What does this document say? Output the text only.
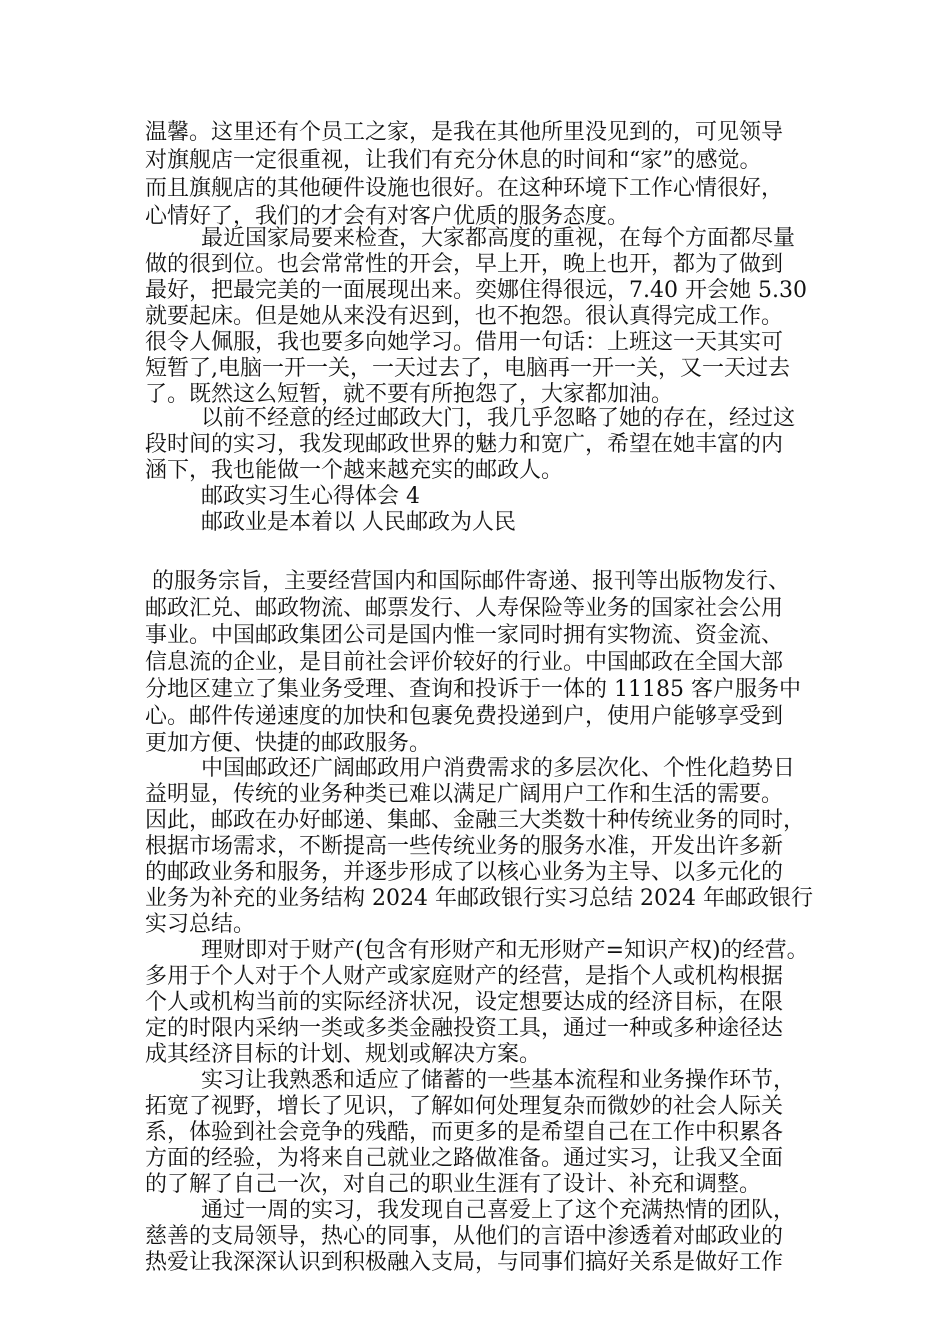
温馨。这里还有个员工之家，是我在其他所里没见到的，可见领导
对旗舰店一定很重视，让我们有充分休息的时间和“家”的感觉。
而且旗舰店的其他硬件设施也很好。在这种环境下工作心情很好，
心情好了，我们的才会有对客户优质的服务态度。
最近国家局要来检查，大家都高度的重视，在每个方面都尽量
做的很到位。也会常常性的开会，早上开，晚上也开，都为了做到
最好，把最完美的一面展现出来。奕娜住得很远，7.40 开会她 5.30
就要起床。但是她从来没有迟到，也不抱怨。很认真得完成工作。
很令人佩服，我也要多向她学习。借用一句话：上班这一天其实可
短暂了,电脑一开一关，一天过去了，电脑再一开一关，又一天过去
了。既然这么短暂，就不要有所抱怨了，大家都加油。
以前不经意的经过邮政大门，我几乎忽略了她的存在，经过这
段时间的实习，我发现邮政世界的魅力和宽广，希望在她丰富的内
涵下，我也能做一个越来越充实的邮政人。
邮政实习生心得体会 4
邮政业是本着以 人民邮政为人民
的服务宗旨，主要经营国内和国际邮件寄递、报刊等出版物发行、
邮政汇兑、邮政物流、邮票发行、人寿保险等业务的国家社会公用
事业。中国邮政集团公司是国内惟一家同时拥有实物流、资金流、
信息流的企业，是目前社会评价较好的行业。中国邮政在全国大部
分地区建立了集业务受理、查询和投诉于一体的 11185 客户服务中
心。邮件传递速度的加快和包裹免费投递到户，使用户能够享受到
更加方便、快捷的邮政服务。
中国邮政还广阔邮政用户消费需求的多层次化、个性化趋势日
益明显，传统的业务种类已难以满足广阔用户工作和生活的需要。
因此，邮政在办好邮递、集邮、金融三大类数十种传统业务的同时，
根据市场需求，不断提高一些传统业务的服务水准，开发出许多新
的邮政业务和服务，并逐步形成了以核心业务为主导、以多元化的
业务为补充的业务结构 2024 年邮政银行实习总结 2024 年邮政银行
实习总结。
理财即对于财产(包含有形财产和无形财产=知识产权)的经营。
多用于个人对于个人财产或家庭财产的经营，是指个人或机构根据
个人或机构当前的实际经济状况，设定想要达成的经济目标，在限
定的时限内采纳一类或多类金融投资工具，通过一种或多种途径达
成其经济目标的计划、规划或解决方案。
实习让我熟悉和适应了储蓄的一些基本流程和业务操作环节，
拓宽了视野，增长了见识，了解如何处理复杂而微妙的社会人际关
系，体验到社会竞争的残酷，而更多的是希望自己在工作中积累各
方面的经验，为将来自己就业之路做准备。通过实习，让我又全面
的了解了自己一次，对自己的职业生涯有了设计、补充和调整。
通过一周的实习，我发现自己喜爱上了这个充满热情的团队，
慈善的支局领导，热心的同事，从他们的言语中渗透着对邮政业的
热爱让我深深认识到积极融入支局，与同事们搞好关系是做好工作
